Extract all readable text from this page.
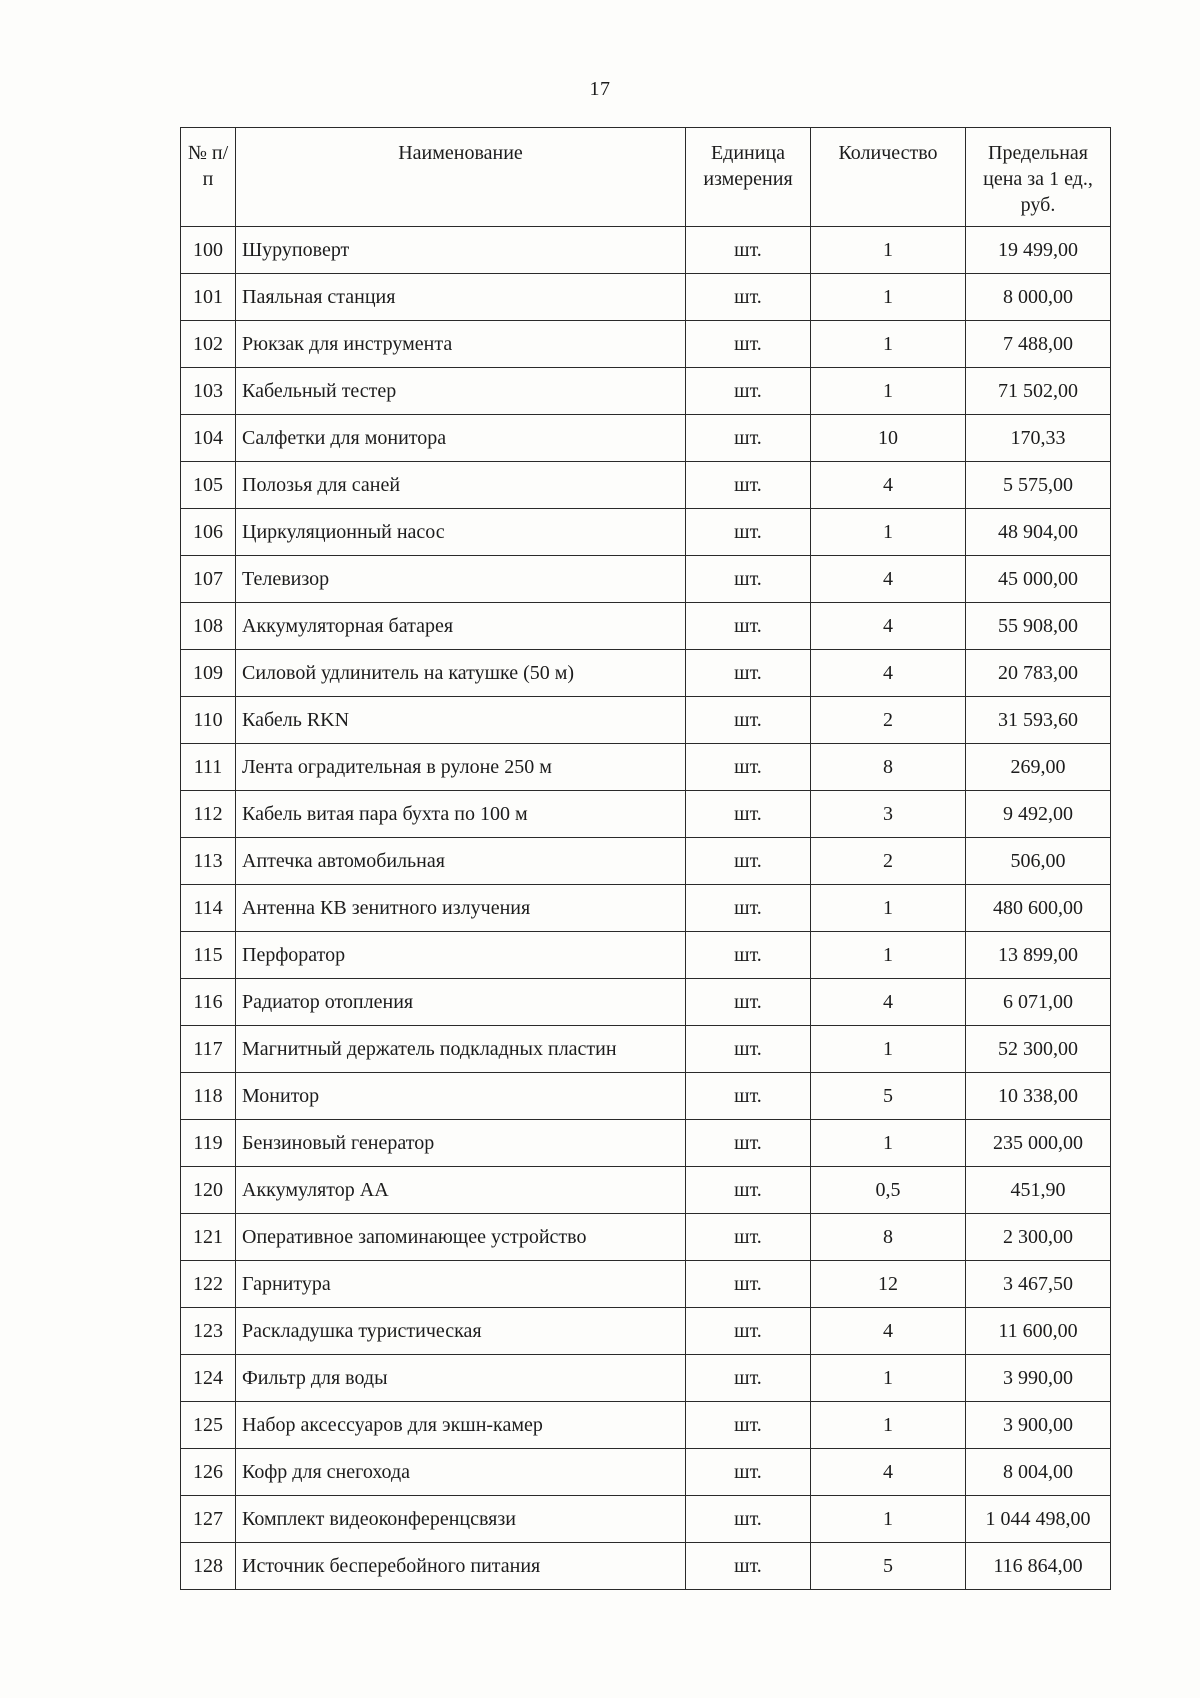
17
№ п/п	Наименование	Единица измерения	Количество	Предельная цена за 1 ед., руб.
100	Шуруповерт	шт.	1	19 499,00
101	Паяльная станция	шт.	1	8 000,00
102	Рюкзак для инструмента	шт.	1	7 488,00
103	Кабельный тестер	шт.	1	71 502,00
104	Салфетки для монитора	шт.	10	170,33
105	Полозья для саней	шт.	4	5 575,00
106	Циркуляционный насос	шт.	1	48 904,00
107	Телевизор	шт.	4	45 000,00
108	Аккумуляторная батарея	шт.	4	55 908,00
109	Силовой удлинитель на катушке (50 м)	шт.	4	20 783,00
110	Кабель RKN	шт.	2	31 593,60
111	Лента оградительная в рулоне 250 м	шт.	8	269,00
112	Кабель витая пара бухта по 100 м	шт.	3	9 492,00
113	Аптечка автомобильная	шт.	2	506,00
114	Антенна КВ зенитного излучения	шт.	1	480 600,00
115	Перфоратор	шт.	1	13 899,00
116	Радиатор отопления	шт.	4	6 071,00
117	Магнитный держатель подкладных пластин	шт.	1	52 300,00
118	Монитор	шт.	5	10 338,00
119	Бензиновый генератор	шт.	1	235 000,00
120	Аккумулятор АА	шт.	0,5	451,90
121	Оперативное запоминающее устройство	шт.	8	2 300,00
122	Гарнитура	шт.	12	3 467,50
123	Раскладушка туристическая	шт.	4	11 600,00
124	Фильтр для воды	шт.	1	3 990,00
125	Набор аксессуаров для экшн-камер	шт.	1	3 900,00
126	Кофр для снегохода	шт.	4	8 004,00
127	Комплект видеоконференцсвязи	шт.	1	1 044 498,00
128	Источник бесперебойного питания	шт.	5	116 864,00
